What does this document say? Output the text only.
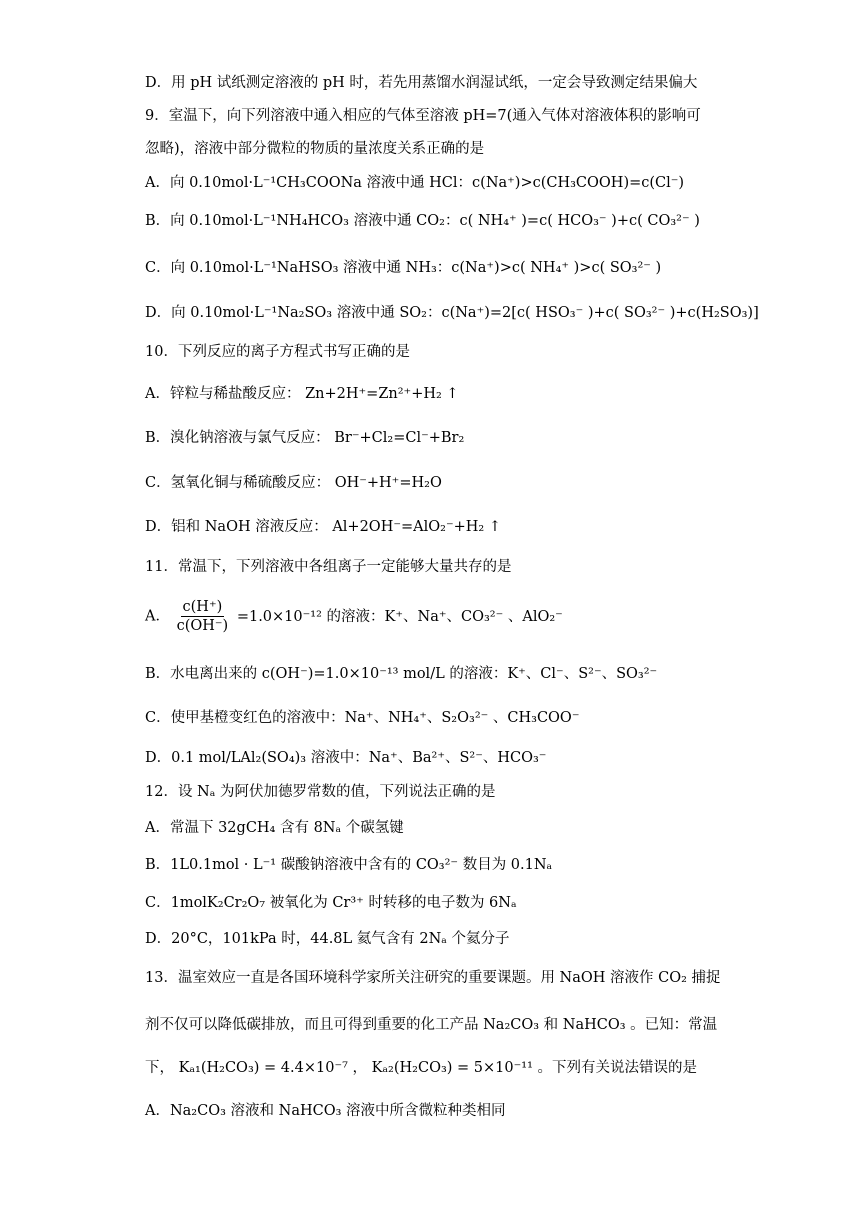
D．用 pH 试纸测定溶液的 pH 时，若先用蒸馏水润湿试纸，一定会导致测定结果偏大
9．室温下，向下列溶液中通入相应的气体至溶液 pH=7(通入气体对溶液体积的影响可
忽略)，溶液中部分微粒的物质的量浓度关系正确的是
A．向 0.10mol·L⁻¹CH₃COONa 溶液中通 HCl：c(Na⁺)>c(CH₃COOH)=c(Cl⁻)
B．向 0.10mol·L⁻¹NH₄HCO₃ 溶液中通 CO₂：c( NH₄⁺ )=c( HCO₃⁻ )+c( CO₃²⁻ )
C．向 0.10mol·L⁻¹NaHSO₃ 溶液中通 NH₃：c(Na⁺)>c( NH₄⁺ )>c( SO₃²⁻ )
D．向 0.10mol·L⁻¹Na₂SO₃ 溶液中通 SO₂：c(Na⁺)=2[c( HSO₃⁻ )+c( SO₃²⁻ )+c(H₂SO₃)]
10．下列反应的离子方程式书写正确的是
A．锌粒与稀盐酸反应： Zn+2H⁺=Zn²⁺+H₂ ↑
B．溴化钠溶液与氯气反应： Br⁻+Cl₂=Cl⁻+Br₂
C．氢氧化铜与稀硫酸反应： OH⁻+H⁺=H₂O
D．铝和 NaOH 溶液反应： Al+2OH⁻=AlO₂⁻+H₂ ↑
11．常温下，下列溶液中各组离子一定能够大量共存的是
A． $\frac{c(H^+)}{c(OH^-)} =1.0\times 10^{-12}$ 的溶液：K⁺、Na⁺、CO₃²⁻ 、AlO₂⁻
B．水电离出来的 c(OH⁻)=1.0×10⁻¹³ mol/L 的溶液：K⁺、Cl⁻、S²⁻、SO₃²⁻
C．使甲基橙变红色的溶液中：Na⁺、NH₄⁺、S₂O₃²⁻ 、CH₃COO⁻
D．0.1 mol/LAl₂(SO₄)₃ 溶液中：Na⁺、Ba²⁺、S²⁻、HCO₃⁻
12．设 Nₐ 为阿伏加德罗常数的值，下列说法正确的是
A．常温下 32gCH₄ 含有 8Nₐ 个碳氢键
B．1L0.1mol · L⁻¹ 碳酸钠溶液中含有的 CO₃²⁻ 数目为 0.1Nₐ
C．1molK₂Cr₂O₇ 被氧化为 Cr³⁺ 时转移的电子数为 6Nₐ
D．20°C，101kPa 时，44.8L 氦气含有 2Nₐ 个氦分子
13．温室效应一直是各国环境科学家所关注研究的重要课题。用 NaOH 溶液作 CO₂ 捕捉
剂不仅可以降低碳排放，而且可得到重要的化工产品 Na₂CO₃ 和 NaHCO₃ 。已知：常温
下， Kₐ₁(H₂CO₃) = 4.4×10⁻⁷ ， Kₐ₂(H₂CO₃) = 5×10⁻¹¹ 。下列有关说法错误的是
A．Na₂CO₃ 溶液和 NaHCO₃ 溶液中所含微粒种类相同
